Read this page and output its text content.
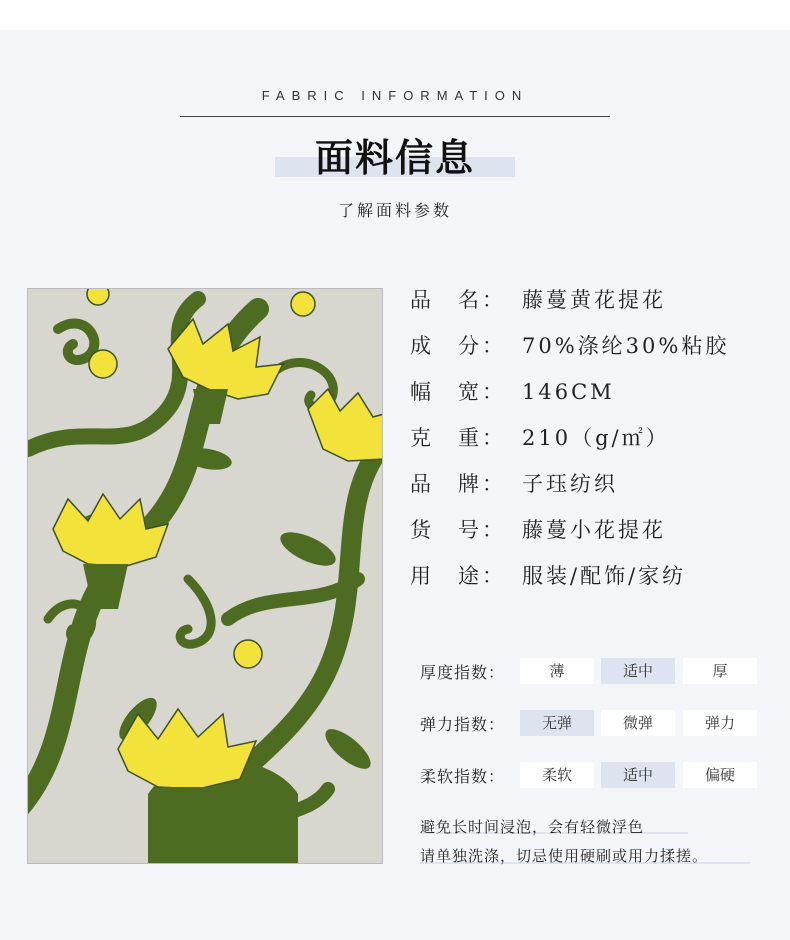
FABRIC INFORMATION
面料信息
了解面料参数
品　名： 藤蔓黄花提花
成　分： 70%涤纶30%粘胶
幅　宽： 146CM
克　重： 210（g/㎡）
品　牌： 子珏纺织
货　号： 藤蔓小花提花
用　途： 服装/配饰/家纺
厚度指数：	薄	适中	厚
弹力指数：	无弹	微弹	弹力
柔软指数：	柔软	适中	偏硬
避免长时间浸泡，会有轻微浮色
请单独洗涤，切忌使用硬刷或用力揉搓。
